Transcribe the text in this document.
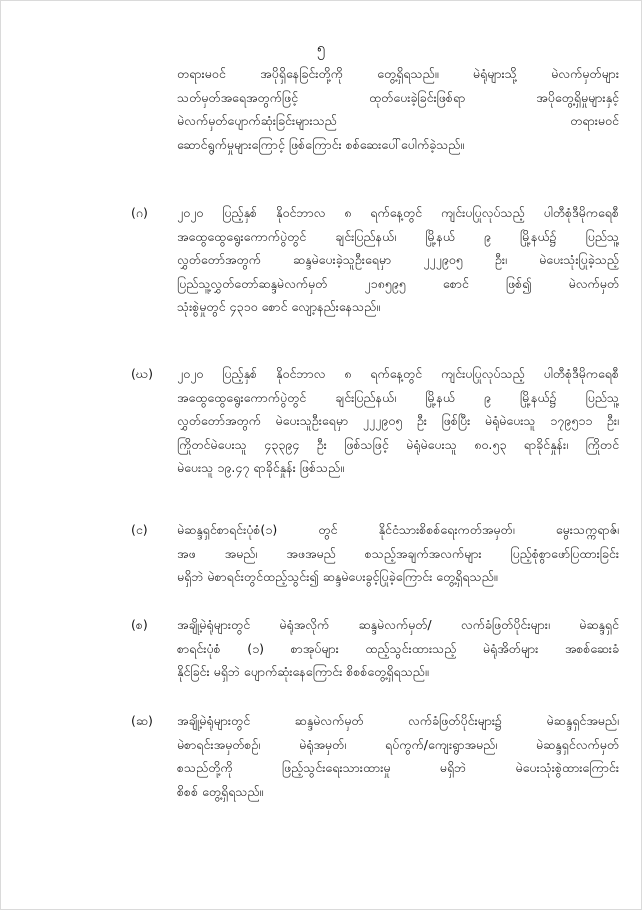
၅
တရားမဝင် အပိုရှိနေခြင်းတို့ကို တွေ့ရှိရသည်။ မဲရုံများသို့ မဲလက်မှတ်များ
သတ်မှတ်အရေအတွက်ဖြင့် ထုတ်ပေးခဲ့ခြင်းဖြစ်ရာ အပိုတွေ့ရှိမှုများနှင့်
မဲလက်မှတ်ပျောက်ဆုံးခြင်းများသည် တရားမဝင်
ဆောင်ရွက်မှုများကြောင့် ဖြစ်ကြောင်း စစ်ဆေးပေါ်ပေါက်ခဲ့သည်။
(ဂ)	၂၀၂၀ ပြည့်နှစ် နိုဝင်ဘာလ ၈ ရက်နေ့တွင် ကျင်းပပြုလုပ်သည့် ပါတီစုံဒီမိုကရေစီ
အထွေထွေရွေးကောက်ပွဲတွင် ချင်းပြည်နယ်၊ မြို့နယ် ၉ မြို့နယ်၌ ပြည်သူ့
လွှတ်တော်အတွက် ဆန္ဒမဲပေးခဲ့သူဦးရေမှာ ၂၂၂၉၀၅ ဦး၊ မဲပေးသုံးပြုခဲ့သည့်
ပြည်သူ့လွှတ်တော်ဆန္ဒမဲလက်မှတ် ၂၁၈၅၉၅ စောင် ဖြစ်၍ မဲလက်မှတ်
သုံးစွဲမှုတွင် ၄၃၁၀ စောင် လျော့နည်းနေသည်။
(ဃ)	၂၀၂၀ ပြည့်နှစ် နိုဝင်ဘာလ ၈ ရက်နေ့တွင် ကျင်းပပြုလုပ်သည့် ပါတီစုံဒီမိုကရေစီ
အထွေထွေရွေးကောက်ပွဲတွင် ချင်းပြည်နယ်၊ မြို့နယ် ၉ မြို့နယ်၌ ပြည်သူ့
လွှတ်တော်အတွက် မဲပေးသူဦးရေမှာ ၂၂၂၉၀၅ ဦး ဖြစ်ပြီး မဲရုံမဲပေးသူ ၁၇၉၅၁၁ ဦး၊
ကြိုတင်မဲပေးသူ ၄၃၃၉၄ ဦး ဖြစ်သဖြင့် မဲရုံမဲပေးသူ ၈၀.၅၃ ရာခိုင်နှုန်း၊ ကြိုတင်
မဲပေးသူ ၁၉.၄၇ ရာခိုင်နှုန်း ဖြစ်သည်။
(င)	မဲဆန္ဒရှင်စာရင်းပုံစံ(၁) တွင် နိုင်ငံသားစိစစ်ရေးကတ်အမှတ်၊ မွေးသက္ကရာဇ်၊
အဖ အမည်၊ အဖအမည် စသည့်အချက်အလက်များ ပြည့်စုံစွာဖော်ပြထားခြင်း
မရှိဘဲ မဲစာရင်းတွင်ထည့်သွင်း၍ ဆန္ဒမဲပေးခွင့်ပြုခဲ့ကြောင်း တွေ့ရှိရသည်။
(စ)	အချို့မဲရုံများတွင် မဲရုံအလိုက် ဆန္ဒမဲလက်မှတ်/ လက်ခံဖြတ်ပိုင်းများ၊ မဲဆန္ဒရှင်
စာရင်းပုံစံ (၁) စာအုပ်များ ထည့်သွင်းထားသည့် မဲရုံအိတ်များ အစစ်ဆေးခံ
နိုင်ခြင်း မရှိဘဲ ပျောက်ဆုံးနေကြောင်း စိစစ်တွေ့ရှိရသည်။
(ဆ)	အချို့မဲရုံများတွင် ဆန္ဒမဲလက်မှတ် လက်ခံဖြတ်ပိုင်းများ၌ မဲဆန္ဒရှင်အမည်၊
မဲစာရင်းအမှတ်စဉ်၊ မဲရုံအမှတ်၊ ရပ်ကွက်/ကျေးရွာအမည်၊ မဲဆန္ဒရှင်လက်မှတ်
စသည်တို့ကို ဖြည့်သွင်းရေးသားထားမှု မရှိဘဲ မဲပေးသုံးစွဲထားကြောင်း
စိစစ် တွေ့ရှိရသည်။
